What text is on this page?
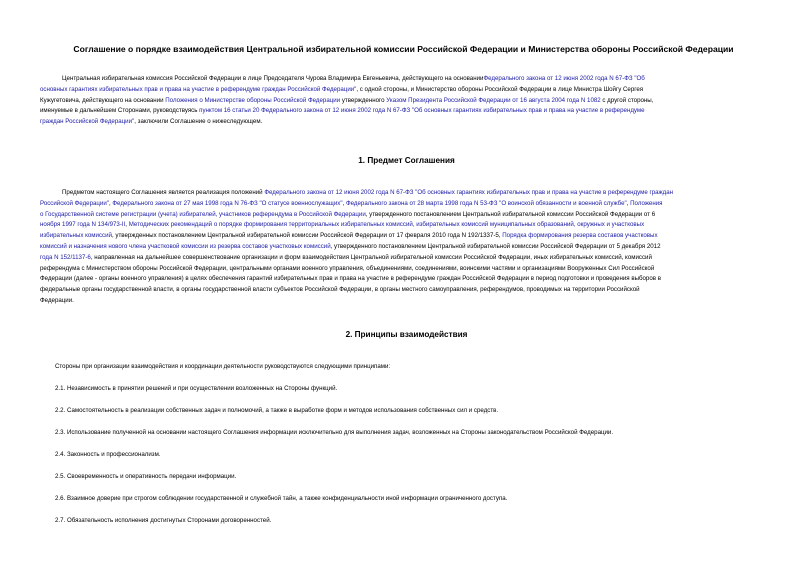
Соглашение о порядке взаимодействия Центральной избирательной комиссии Российской Федерации и Министерства обороны Российской Федерации
Центральная избирательная комиссия Российской Федерации в лице Председателя Чурова Владимира Евгеньевича, действующего на основанииФедерального закона от 12 июня 2002 года N 67-ФЗ "Об
основных гарантиях избирательных прав и права на участие в референдуме граждан Российской Федерации", с одной стороны, и Министерство обороны Российской Федерации в лице Министра Шойгу Сергея
Кужугетовича, действующего на основании Положения о Министерстве обороны Российской Федерации утвержденного Указом Президента Российской Федерации от 16 августа 2004 года N 1082 с другой стороны,
именуемые в дальнейшем Сторонами, руководствуясь пунктом 16 статьи 20 Федерального закона от 12 июня 2002 года N 67-ФЗ "Об основных гарантиях избирательных прав и права на участие в референдуме
граждан Российской Федерации", заключили Соглашение о нижеследующем.
1. Предмет Соглашения
Предметом настоящего Соглашения является реализация положений Федерального закона от 12 июня 2002 года N 67-ФЗ "Об основных гарантиях избирательных прав и права на участие в референдуме граждан
Российской Федерации", Федерального закона от 27 мая 1998 года N 76-ФЗ "О статусе военнослужащих", Федерального закона от 28 марта 1998 года N 53-ФЗ "О воинской обязанности и военной службе", Положения
о Государственной системе регистрации (учета) избирателей, участников референдума в Российской Федерации, утвержденного постановлением Центральной избирательной комиссии Российской Федерации от 6
ноября 1997 года N 134/973-II, Методических рекомендаций о порядке формирования территориальных избирательных комиссий, избирательных комиссий муниципальных образований, окружных и участковых
избирательных комиссий, утвержденных постановлением Центральной избирательной комиссии Российской Федерации от 17 февраля 2010 года N 192/1337-5, Порядка формирования резерва составов участковых
комиссий и назначения нового члена участковой комиссии из резерва составов участковых комиссий, утвержденного постановлением Центральной избирательной комиссии Российской Федерации от 5 декабря 2012
года N 152/1137-6, направленная на дальнейшее совершенствование организации и форм взаимодействия Центральной избирательной комиссии Российской Федерации, иных избирательных комиссий, комиссий
референдума с Министерством обороны Российской Федерации, центральными органами военного управления, объединениями, соединениями, воинскими частями и организациями Вооруженных Сил Российской
Федерации (далее - органы военного управления) в целях обеспечения гарантий избирательных прав и права на участие в референдуме граждан Российской Федерации в период подготовки и проведения выборов в
федеральные органы государственной власти, в органы государственной власти субъектов Российской Федерации, в органы местного самоуправления, референдумов, проводимых на территории Российской
Федерации.
2. Принципы взаимодействия
Стороны при организации взаимодействия и координации деятельности руководствуются следующими принципами:
2.1. Независимость в принятии решений и при осуществлении возложенных на Стороны функций.
2.2. Самостоятельность в реализации собственных задач и полномочий, а также в выработке форм и методов использования собственных сил и средств.
2.3. Использование полученной на основании настоящего Соглашения информации исключительно для выполнения задач, возложенных на Стороны законодательством Российской Федерации.
2.4. Законность и профессионализм.
2.5. Своевременность и оперативность передачи информации.
2.6. Взаимное доверие при строгом соблюдении государственной и служебной тайн, а также конфиденциальности иной информации ограниченного доступа.
2.7. Обязательность исполнения достигнутых Сторонами договоренностей.
